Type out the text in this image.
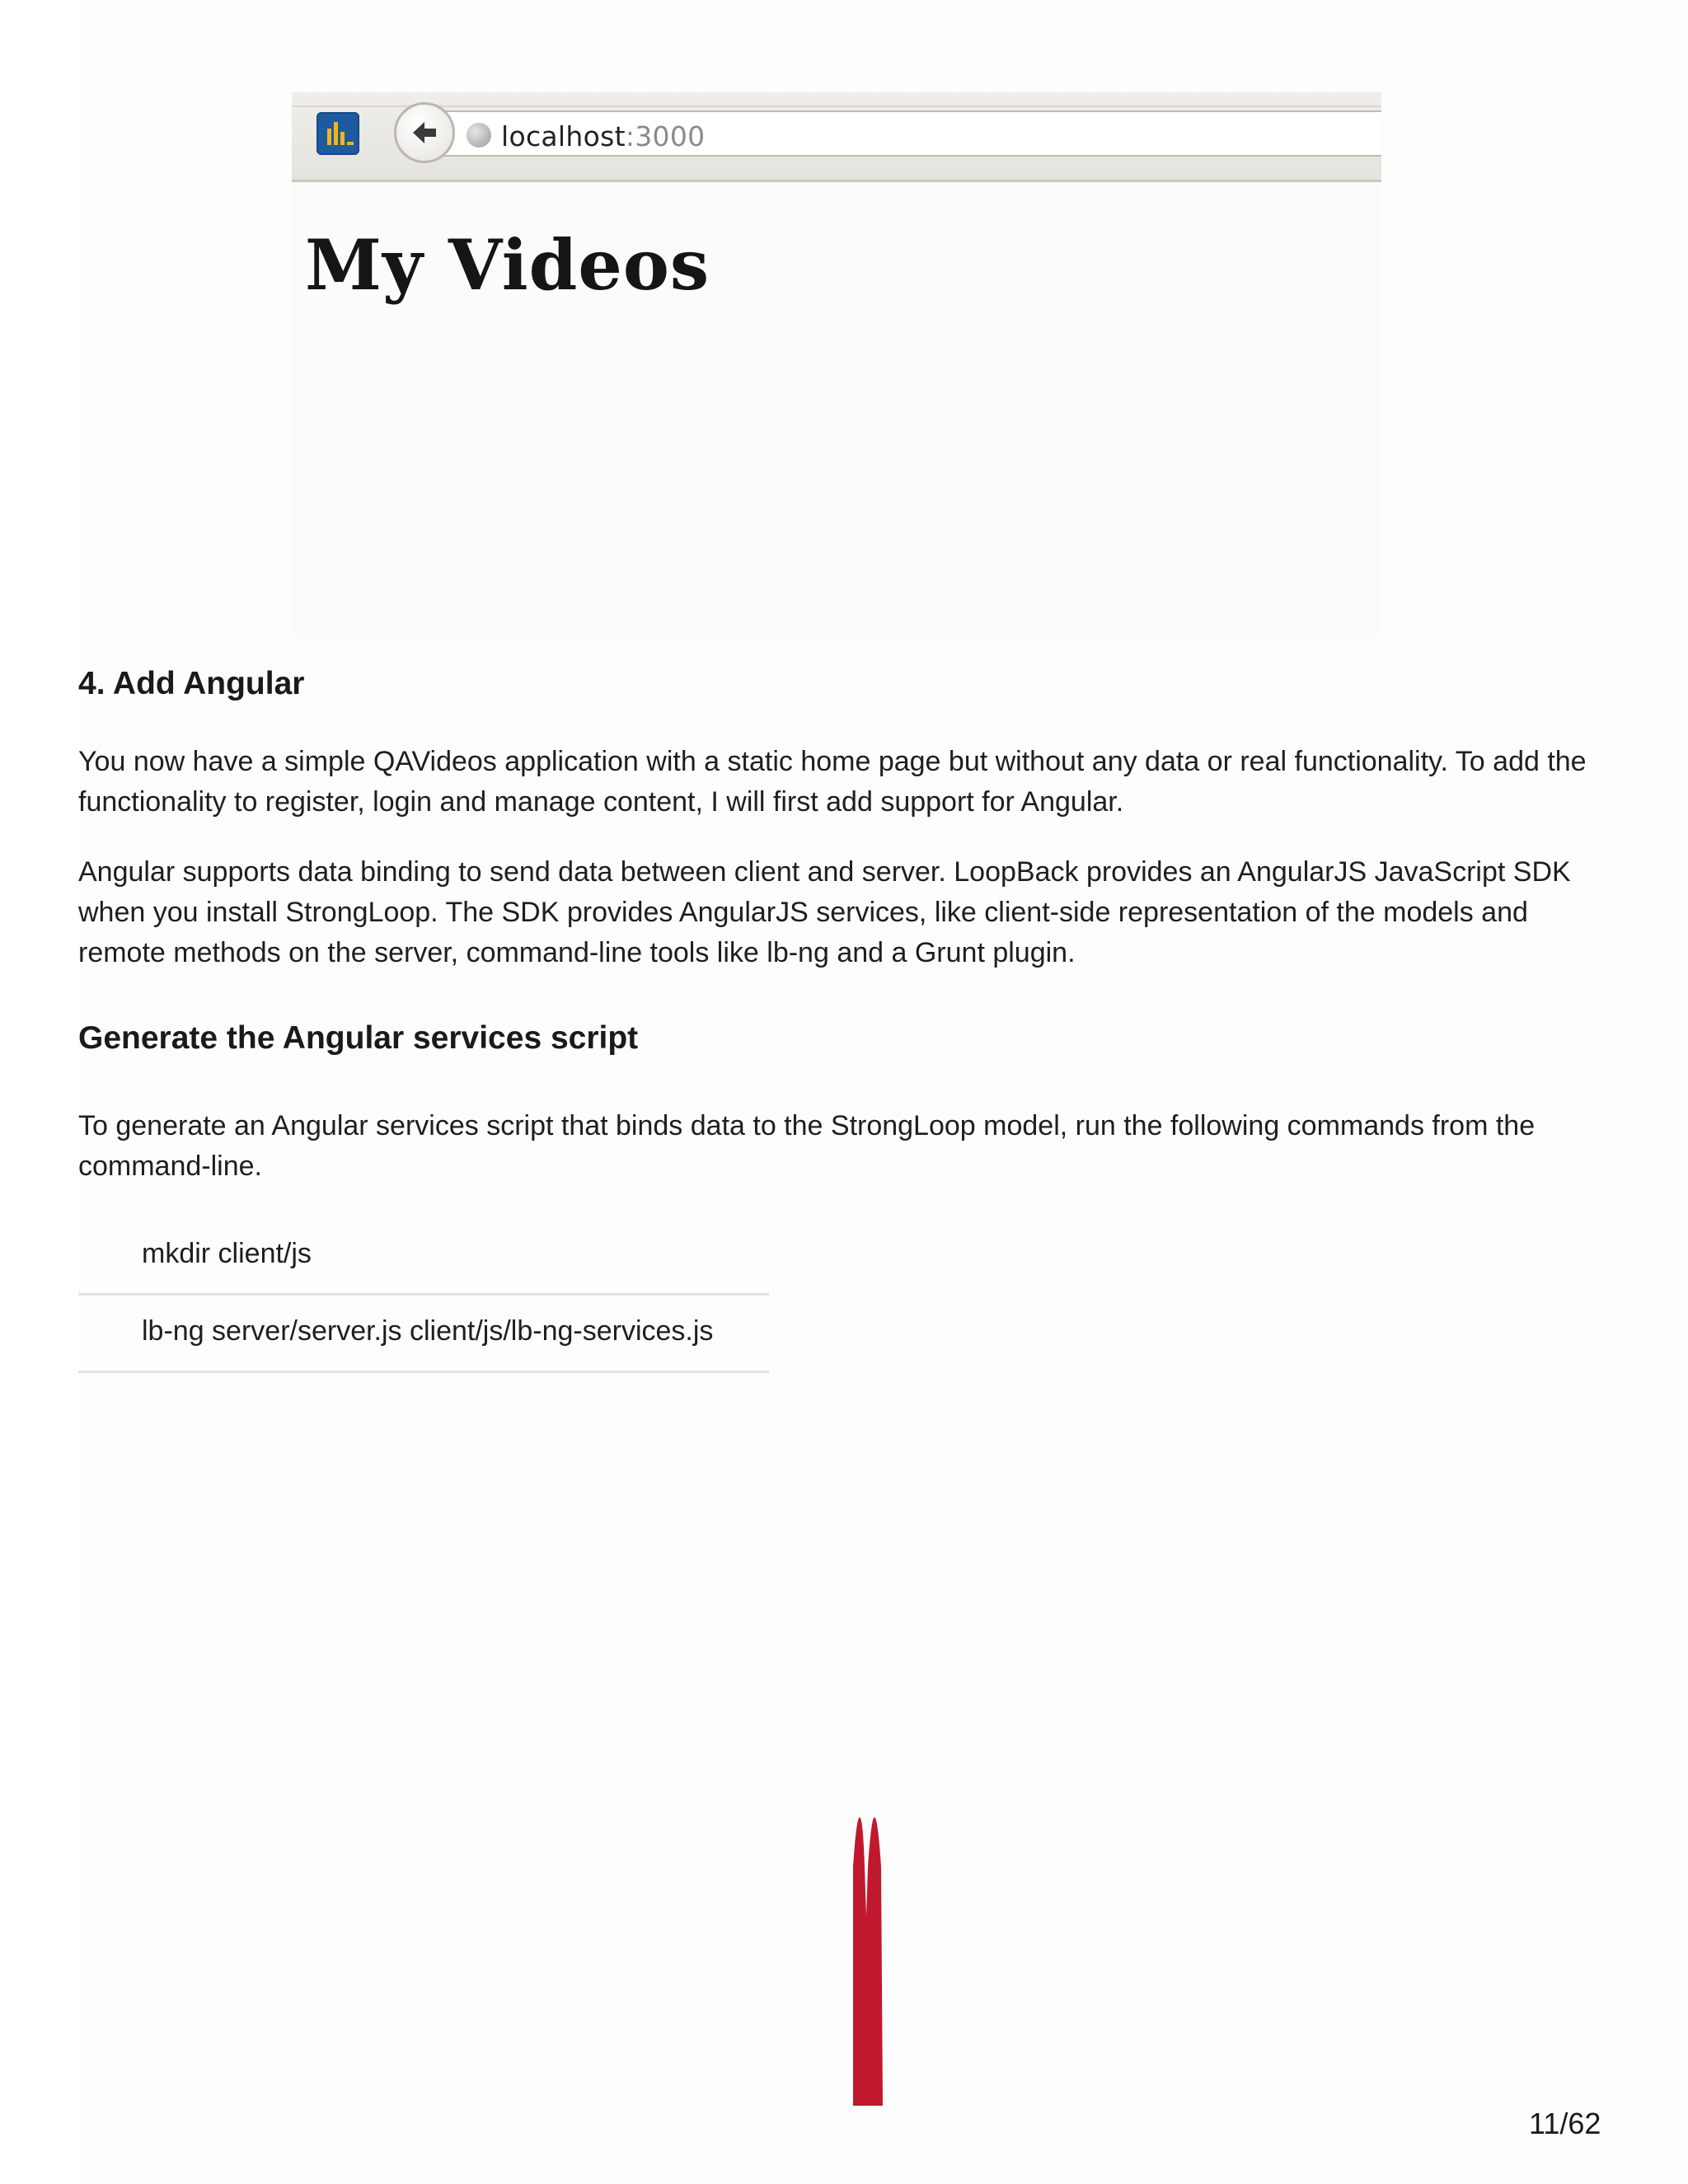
localhost:3000
My Videos
4. Add Angular

You now have a simple QAVideos application with a static home page but without any data or real functionality. To add the functionality to register, login and manage content, I will first add support for Angular.

Angular supports data binding to send data between client and server. LoopBack provides an AngularJS JavaScript SDK when you install StrongLoop. The SDK provides AngularJS services, like client-side representation of the models and remote methods on the server, command-line tools like lb-ng and a Grunt plugin.

Generate the Angular services script

To generate an Angular services script that binds data to the StrongLoop model, run the following commands from the command-line.

mkdir client/js
lb-ng server/server.js client/js/lb-ng-services.js
11/62
